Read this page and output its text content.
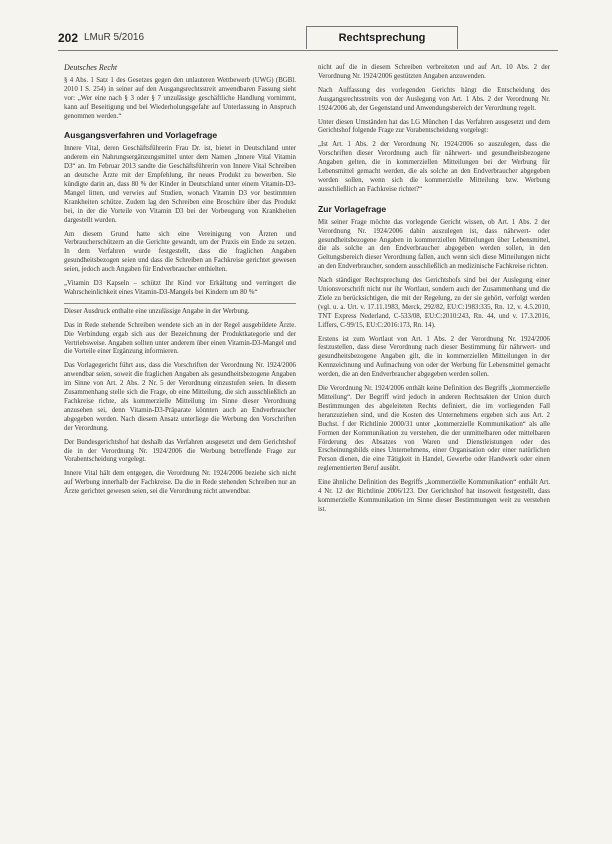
202 LMuR 5/2016	Rechtsprechung

Deutsches Recht

§ 4 Abs. 1 Satz 1 des Gesetzes gegen den unlauteren Wettbewerb (UWG) (BGBl. 2010 I S. 254) in seiner auf den Ausgangsrechtsstreit anwendbaren Fassung sieht vor: „Wer eine nach § 3 oder § 7 unzulässige geschäftliche Handlung vornimmt, kann auf Beseitigung und bei Wiederholungsgefahr auf Unterlassung in Anspruch genommen werden.“

Ausgangsverfahren und Vorlagefrage

Innere Vital, deren Geschäftsführerin Frau Dr. ist, bietet in Deutschland unter anderem ein Nahrungsergänzungsmittel unter dem Namen „Innere Vital Vitamin D3“ an. Im Februar 2013 sandte die Geschäftsführerin von Innere Vital Schreiben an deutsche Ärzte mit der Empfehlung, ihr neues Produkt zu bewerben. Sie kündigte darin an, dass 80 % der Kinder in Deutschland unter einem Vitamin-D3-Mangel litten, und verwies auf Studien, wonach Vitamin D3 vor bestimmten Krankheiten schütze. Zudem lag den Schreiben eine Broschüre über das Produkt bei, in der die Vorteile von Vitamin D3 bei der Vorbeugung von Krankheiten dargestellt wurden.

Am diesem Grund hatte sich eine Vereinigung von Ärzten und Verbraucherschützern an die Gerichte gewandt, um der Praxis ein Ende zu setzen. In dem Verfahren wurde festgestellt, dass die fraglichen Angaben gesundheitsbezogen seien und dass die Schreiben an Fachkreise gerichtet gewesen seien, jedoch auch Angaben für Endverbraucher enthielten.

„Vitamin D3 Kapseln – schützt Ihr Kind vor Erkältung und verringert die Wahrscheinlichkeit eines Vitamin-D3-Mangels bei Kindern um 80 %“

Dieser Ausdruck enthalte eine unzulässige Angabe in der Werbung.

Das in Rede stehende Schreiben wendete sich an in der Regel ausgebildete Ärzte. Die Verbindung ergab sich aus der Bezeichnung der Produktkategorie und der Vertriebsweise. Angaben sollten unter anderem über einen Vitamin-D3-Mangel und die Vorteile einer Ergänzung informieren.

Das Vorlagegericht führt aus, dass die Vorschriften der Verordnung Nr. 1924/2006 anwendbar seien, soweit die fraglichen Angaben als gesundheitsbezogene Angaben im Sinne von Art. 2 Abs. 2 Nr. 5 der Verordnung einzustufen seien. In diesem Zusammenhang stelle sich die Frage, ob eine Mitteilung, die sich ausschließlich an Fachkreise richte, als kommerzielle Mitteilung im Sinne dieser Verordnung anzusehen sei, denn Vitamin-D3-Präparate könnten auch an Endverbraucher abgegeben werden. Nach diesem Ansatz unterliege die Werbung den Vorschriften der Verordnung.

Der Bundesgerichtshof hat deshalb das Verfahren ausgesetzt und dem Gerichtshof die in der Verordnung Nr. 1924/2006 die Werbung betreffende Frage zur Vorabentscheidung vorgelegt.

Innere Vital hält dem entgegen, die Verordnung Nr. 1924/2006 beziehe sich nicht auf Werbung innerhalb der Fachkreise. Da die in Rede stehenden Schreiben nur an Ärzte gerichtet gewesen seien, sei die Verordnung nicht anwendbar.

nicht auf die in diesem Schreiben verbreiteten und auf Art. 10 Abs. 2 der Verordnung Nr. 1924/2006 gestützten Angaben anzuwenden.

Nach Auffassung des vorlegenden Gerichts hängt die Entscheidung des Ausgangsrechtsstreits von der Auslegung von Art. 1 Abs. 2 der Verordnung Nr. 1924/2006 ab, der Gegenstand und Anwendungsbereich der Verordnung regelt.

Unter diesen Umständen hat das LG München I das Verfahren ausgesetzt und dem Gerichtshof folgende Frage zur Vorabentscheidung vorgelegt:

„Ist Art. 1 Abs. 2 der Verordnung Nr. 1924/2006 so auszulegen, dass die Vorschriften dieser Verordnung auch für nährwert- und gesundheitsbezogene Angaben gelten, die in kommerziellen Mitteilungen bei der Werbung für Lebensmittel gemacht werden, die als solche an den Endverbraucher abgegeben werden sollen, wenn sich die kommerzielle Mitteilung bzw. Werbung ausschließlich an Fachkreise richtet?“

Zur Vorlagefrage

Mit seiner Frage möchte das vorlegende Gericht wissen, ob Art. 1 Abs. 2 der Verordnung Nr. 1924/2006 dahin auszulegen ist, dass nährwert- oder gesundheitsbezogene Angaben in kommerziellen Mitteilungen über Lebensmittel, die als solche an den Endverbraucher abgegeben werden sollen, in den Geltungsbereich dieser Verordnung fallen, auch wenn sich diese Mitteilungen nicht an den Endverbraucher, sondern ausschließlich an medizinische Fachkreise richten.

Nach ständiger Rechtsprechung des Gerichtshofs sind bei der Auslegung einer Unionsvorschrift nicht nur ihr Wortlaut, sondern auch der Zusammenhang und die Ziele zu berücksichtigen, die mit der Regelung, zu der sie gehört, verfolgt werden (vgl. u. a. Urt. v. 17.11.1983, Merck, 292/82, EU:C:1983:335, Rn. 12, v. 4.5.2010, TNT Express Nederland, C-533/08, EU:C:2010:243, Rn. 44, und v. 17.3.2016, Liffers, C-99/15, EU:C:2016:173, Rn. 14).

Erstens ist zum Wortlaut von Art. 1 Abs. 2 der Verordnung Nr. 1924/2006 festzustellen, dass diese Verordnung nach dieser Bestimmung für nährwert- und gesundheitsbezogene Angaben gilt, die in kommerziellen Mitteilungen in der Kennzeichnung und Aufmachung von oder der Werbung für Lebensmittel gemacht werden, die an den Endverbraucher abgegeben werden sollen.

Die Verordnung Nr. 1924/2006 enthält keine Definition des Begriffs „kommerzielle Mitteilung“. Der Begriff wird jedoch in anderen Rechtsakten der Union durch Bestimmungen des abgeleiteten Rechts definiert, die im vorliegenden Fall heranzuziehen sind, und die Kosten des Unternehmens ergeben sich aus Art. 2 Buchst. f der Richtlinie 2000/31 unter „kommerzielle Kommunikation“ als alle Formen der Kommunikation zu verstehen, die der unmittelbaren oder mittelbaren Förderung des Absatzes von Waren und Dienstleistungen oder des Erscheinungsbilds eines Unternehmens, einer Organisation oder einer natürlichen Person dienen, die eine Tätigkeit in Handel, Gewerbe oder Handwerk oder einen reglementierten Beruf ausübt.

Eine ähnliche Definition des Begriffs „kommerzielle Kommunikation“ enthält Art. 4 Nr. 12 der Richtlinie 2006/123. Der Gerichtshof hat insoweit festgestellt, dass kommerzielle Kommunikation im Sinne dieser Bestimmungen weit zu verstehen ist.
